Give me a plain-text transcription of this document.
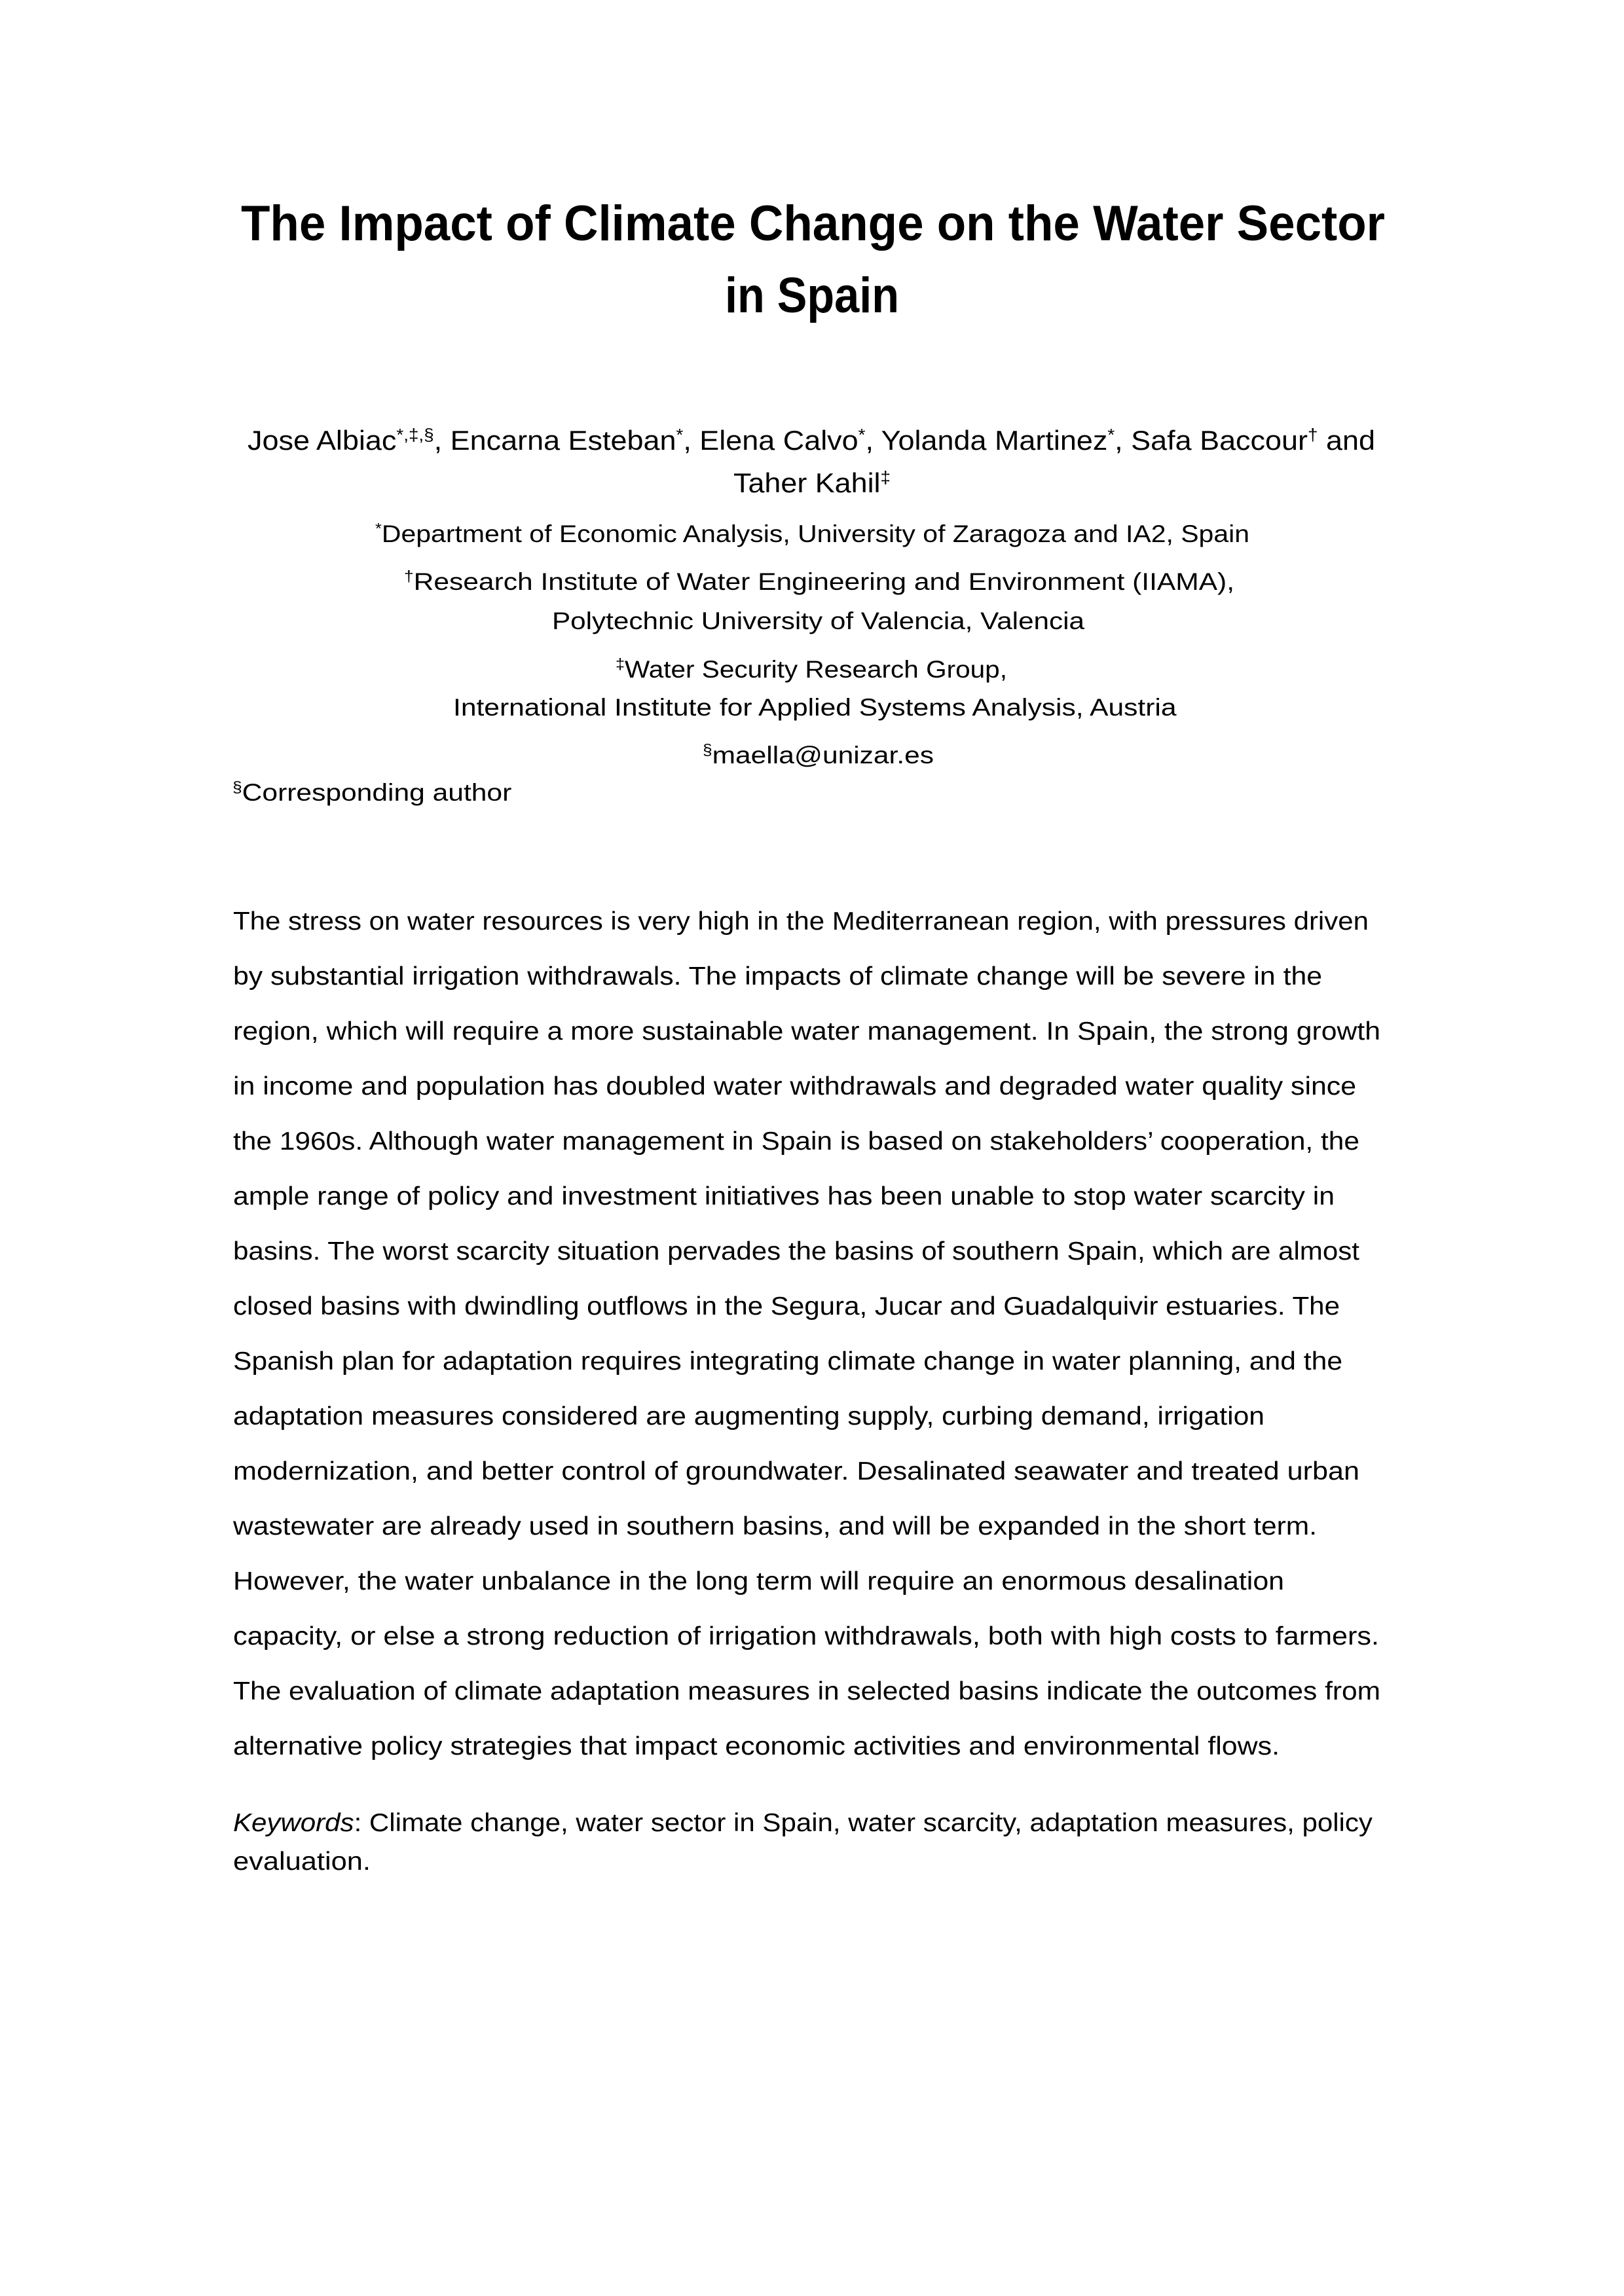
The Impact of Climate Change on the Water Sector
in Spain
Jose Albiac*,‡,§, Encarna Esteban*, Elena Calvo*, Yolanda Martinez*, Safa Baccour† and
Taher Kahil‡
*Department of Economic Analysis, University of Zaragoza and IA2, Spain
†Research Institute of Water Engineering and Environment (IIAMA),
Polytechnic University of Valencia, Valencia
‡Water Security Research Group,
International Institute for Applied Systems Analysis, Austria
§maella@unizar.es
§Corresponding author
The stress on water resources is very high in the Mediterranean region, with pressures driven
by substantial irrigation withdrawals. The impacts of climate change will be severe in the
region, which will require a more sustainable water management. In Spain, the strong growth
in income and population has doubled water withdrawals and degraded water quality since
the 1960s. Although water management in Spain is based on stakeholders’ cooperation, the
ample range of policy and investment initiatives has been unable to stop water scarcity in
basins. The worst scarcity situation pervades the basins of southern Spain, which are almost
closed basins with dwindling outflows in the Segura, Jucar and Guadalquivir estuaries. The
Spanish plan for adaptation requires integrating climate change in water planning, and the
adaptation measures considered are augmenting supply, curbing demand, irrigation
modernization, and better control of groundwater. Desalinated seawater and treated urban
wastewater are already used in southern basins, and will be expanded in the short term.
However, the water unbalance in the long term will require an enormous desalination
capacity, or else a strong reduction of irrigation withdrawals, both with high costs to farmers.
The evaluation of climate adaptation measures in selected basins indicate the outcomes from
alternative policy strategies that impact economic activities and environmental flows.
Keywords: Climate change, water sector in Spain, water scarcity, adaptation measures, policy
evaluation.
